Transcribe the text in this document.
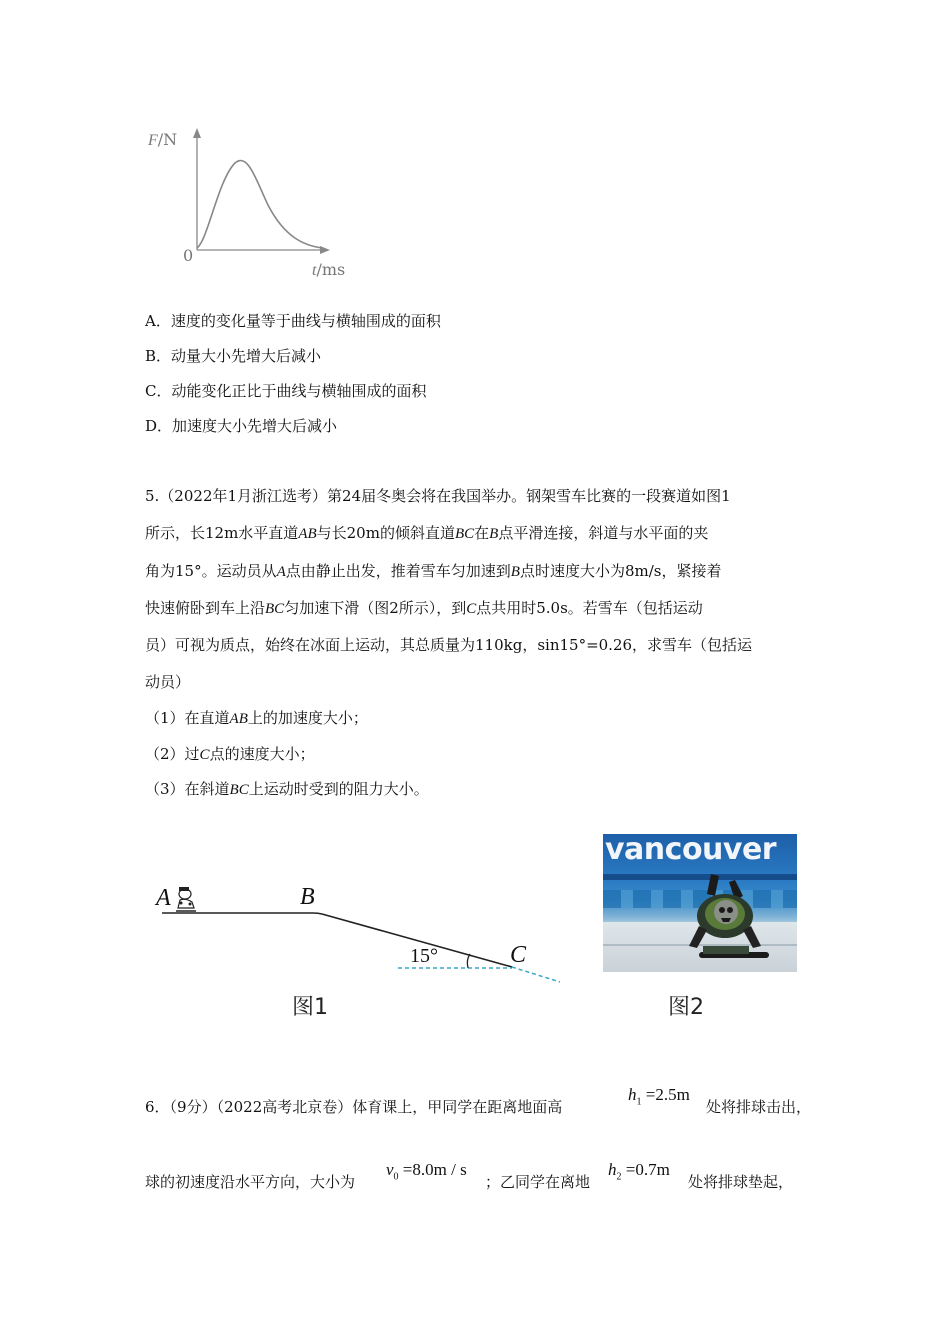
F/N
0
t/ms
A．速度的变化量等于曲线与横轴围成的面积
B．动量大小先增大后减小
C．动能变化正比于曲线与横轴围成的面积
D．加速度大小先增大后减小
5.（2022年1月浙江选考）第24届冬奥会将在我国举办。钢架雪车比赛的一段赛道如图1
所示，长12m水平直道AB与长20m的倾斜直道BC在B点平滑连接，斜道与水平面的夹
角为15°。运动员从A点由静止出发，推着雪车匀加速到B点时速度大小为8m/s，紧接着
快速俯卧到车上沿BC匀加速下滑（图2所示），到C点共用时5.0s。若雪车（包括运动
员）可视为质点，始终在冰面上运动，其总质量为110kg，sin15°=0.26，求雪车（包括运
动员）
（1）在直道AB上的加速度大小；
（2）过C点的速度大小；
（3）在斜道BC上运动时受到的阻力大小。
A	B
C
15°
图1
vancouver
图2
6．（9分）（2022高考北京卷）体育课上，甲同学在距离地面高
$h_1 =2.5m$
处将排球击出，
球的初速度沿水平方向，大小为
$v_0 =8.0m / s$
；乙同学在离地
$h_2 =0.7m$
处将排球垫起，
